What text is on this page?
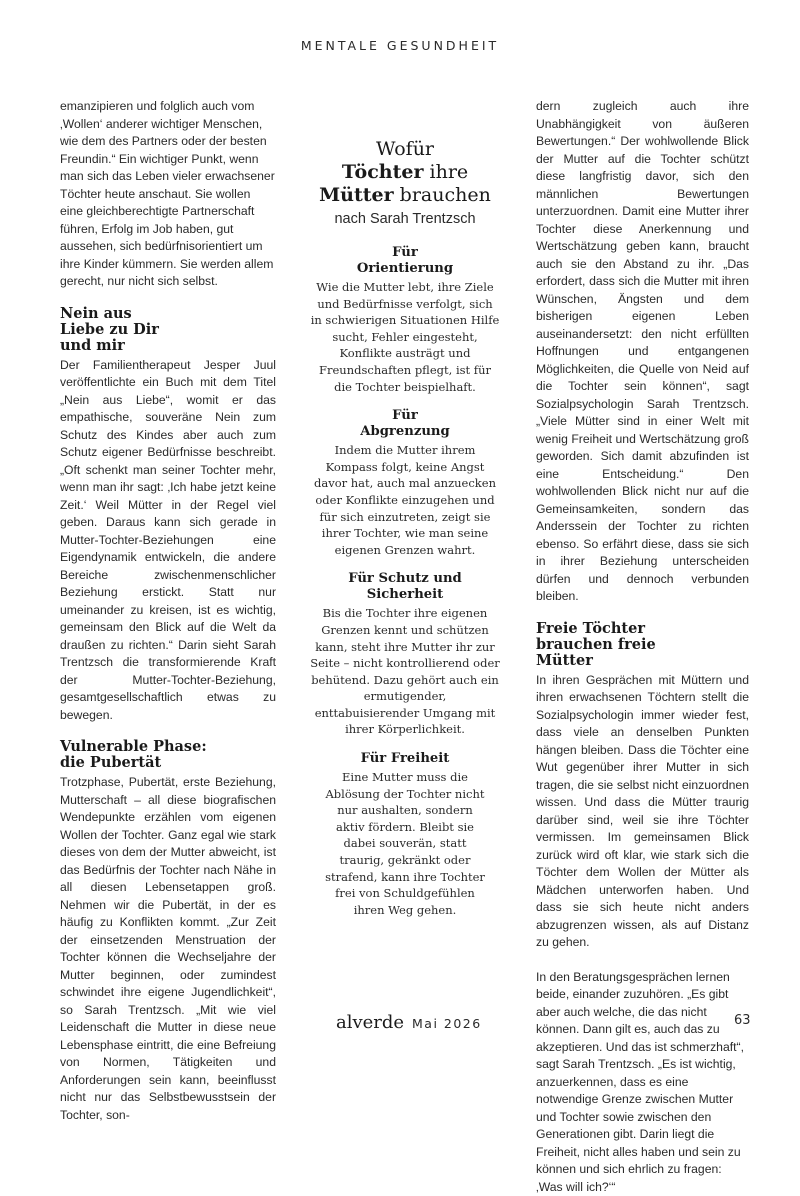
MENTALE GESUNDHEIT

emanzipieren und folglich auch vom ‚Wollen‘ anderer wichtiger Menschen, wie dem des Partners oder der besten Freundin.“ Ein wichtiger Punkt, wenn man sich das Leben vieler erwachsener Töchter heute anschaut. Sie wollen eine gleichberechtigte Partnerschaft führen, Erfolg im Job haben, gut aussehen, sich bedürfnisorientiert um ihre Kinder kümmern. Sie werden allem gerecht, nur nicht sich selbst.

Nein aus Liebe zu Dir und mir

Der Familientherapeut Jesper Juul veröffentlichte ein Buch mit dem Titel „Nein aus Liebe“, womit er das empathische, souveräne Nein zum Schutz des Kindes aber auch zum Schutz eigener Bedürfnisse beschreibt. „Oft schenkt man seiner Tochter mehr, wenn man ihr sagt: ‚Ich habe jetzt keine Zeit.‘ Weil Mütter in der Regel viel geben. Daraus kann sich gerade in Mutter-Tochter-Beziehungen eine Eigendynamik entwickeln, die andere Bereiche zwischenmenschlicher Beziehung erstickt. Statt nur umeinander zu kreisen, ist es wichtig, gemeinsam den Blick auf die Welt da draußen zu richten.“ Darin sieht Sarah Trentzsch die transformierende Kraft der Mutter-Tochter-Beziehung, gesamtgesellschaftlich etwas zu bewegen.

Vulnerable Phase: die Pubertät

Trotzphase, Pubertät, erste Beziehung, Mutterschaft – all diese biografischen Wendepunkte erzählen vom eigenen Wollen der Tochter. Ganz egal wie stark dieses von dem der Mutter abweicht, ist das Bedürfnis der Tochter nach Nähe in all diesen Lebensetappen groß. Nehmen wir die Pubertät, in der es häufig zu Konflikten kommt. „Zur Zeit der einsetzenden Menstruation der Tochter können die Wechseljahre der Mutter beginnen, oder zumindest schwindet ihre eigene Jugendlichkeit“, so Sarah Trentzsch. „Mit wie viel Leidenschaft die Mutter in diese neue Lebensphase eintritt, die eine Befreiung von Normen, Tätigkeiten und Anforderungen sein kann, beeinflusst nicht nur das Selbstbewusstsein der Tochter, son-

Wofür
Töchter ihre
Mütter brauchen
nach Sarah Trentzsch
Für Orientierung
Wie die Mutter lebt, ihre Ziele und Bedürfnisse verfolgt, sich in schwierigen Situationen Hilfe sucht, Fehler eingesteht, Konflikte austrägt und Freundschaften pflegt, ist für die Tochter beispielhaft.
Für Abgrenzung
Indem die Mutter ihrem Kompass folgt, keine Angst davor hat, auch mal anzuecken oder Konflikte einzugehen und für sich einzutreten, zeigt sie ihrer Tochter, wie man seine eigenen Grenzen wahrt.
Für Schutz und Sicherheit
Bis die Tochter ihre eigenen Grenzen kennt und schützen kann, steht ihre Mutter ihr zur Seite – nicht kontrollierend oder behütend. Dazu gehört auch ein ermutigender, enttabuisierender Umgang mit ihrer Körperlichkeit.
Für Freiheit
Eine Mutter muss die Ablösung der Tochter nicht nur aushalten, sondern aktiv fördern. Bleibt sie dabei souverän, statt traurig, gekränkt oder strafend, kann ihre Tochter frei von Schuldgefühlen ihren Weg gehen.

dern zugleich auch ihre Unabhängigkeit von äußeren Bewertungen.“ Der wohlwollende Blick der Mutter auf die Tochter schützt diese langfristig davor, sich den männlichen Bewertungen unterzuordnen. Damit eine Mutter ihrer Tochter diese Anerkennung und Wertschätzung geben kann, braucht auch sie den Abstand zu ihr. „Das erfordert, dass sich die Mutter mit ihren Wünschen, Ängsten und dem bisherigen eigenen Leben auseinandersetzt: den nicht erfüllten Hoffnungen und entgangenen Möglichkeiten, die Quelle von Neid auf die Tochter sein können“, sagt Sozialpsychologin Sarah Trentzsch. „Viele Mütter sind in einer Welt mit wenig Freiheit und Wertschätzung groß geworden. Sich damit abzufinden ist eine Entscheidung.“ Den wohlwollenden Blick nicht nur auf die Gemeinsamkeiten, sondern das Anderssein der Tochter zu richten ebenso. So erfährt diese, dass sie sich in ihrer Beziehung unterscheiden dürfen und dennoch verbunden bleiben.

Freie Töchter brauchen freie Mütter

In ihren Gesprächen mit Müttern und ihren erwachsenen Töchtern stellt die Sozialpsychologin immer wieder fest, dass viele an denselben Punkten hängen bleiben. Dass die Töchter eine Wut gegenüber ihrer Mutter in sich tragen, die sie selbst nicht einzuordnen wissen. Und dass die Mütter traurig darüber sind, weil sie ihre Töchter vermissen. Im gemeinsamen Blick zurück wird oft klar, wie stark sich die Töchter dem Wollen der Mütter als Mädchen unterworfen haben. Und dass sie sich heute nicht anders abzugrenzen wissen, als auf Distanz zu gehen.

In den Beratungsgesprächen lernen beide, einander zuzuhören. „Es gibt aber auch welche, die das nicht können. Dann gilt es, auch das zu akzeptieren. Und das ist schmerzhaft“, sagt Sarah Trentzsch. „Es ist wichtig, anzuerkennen, dass es eine notwendige Grenze zwischen Mutter und Tochter sowie zwischen den Generationen gibt. Darin liegt die Freiheit, nicht alles haben und sein zu können und sich ehrlich zu fragen: ‚Was will ich?‘“

alverde Mai 2026	63
